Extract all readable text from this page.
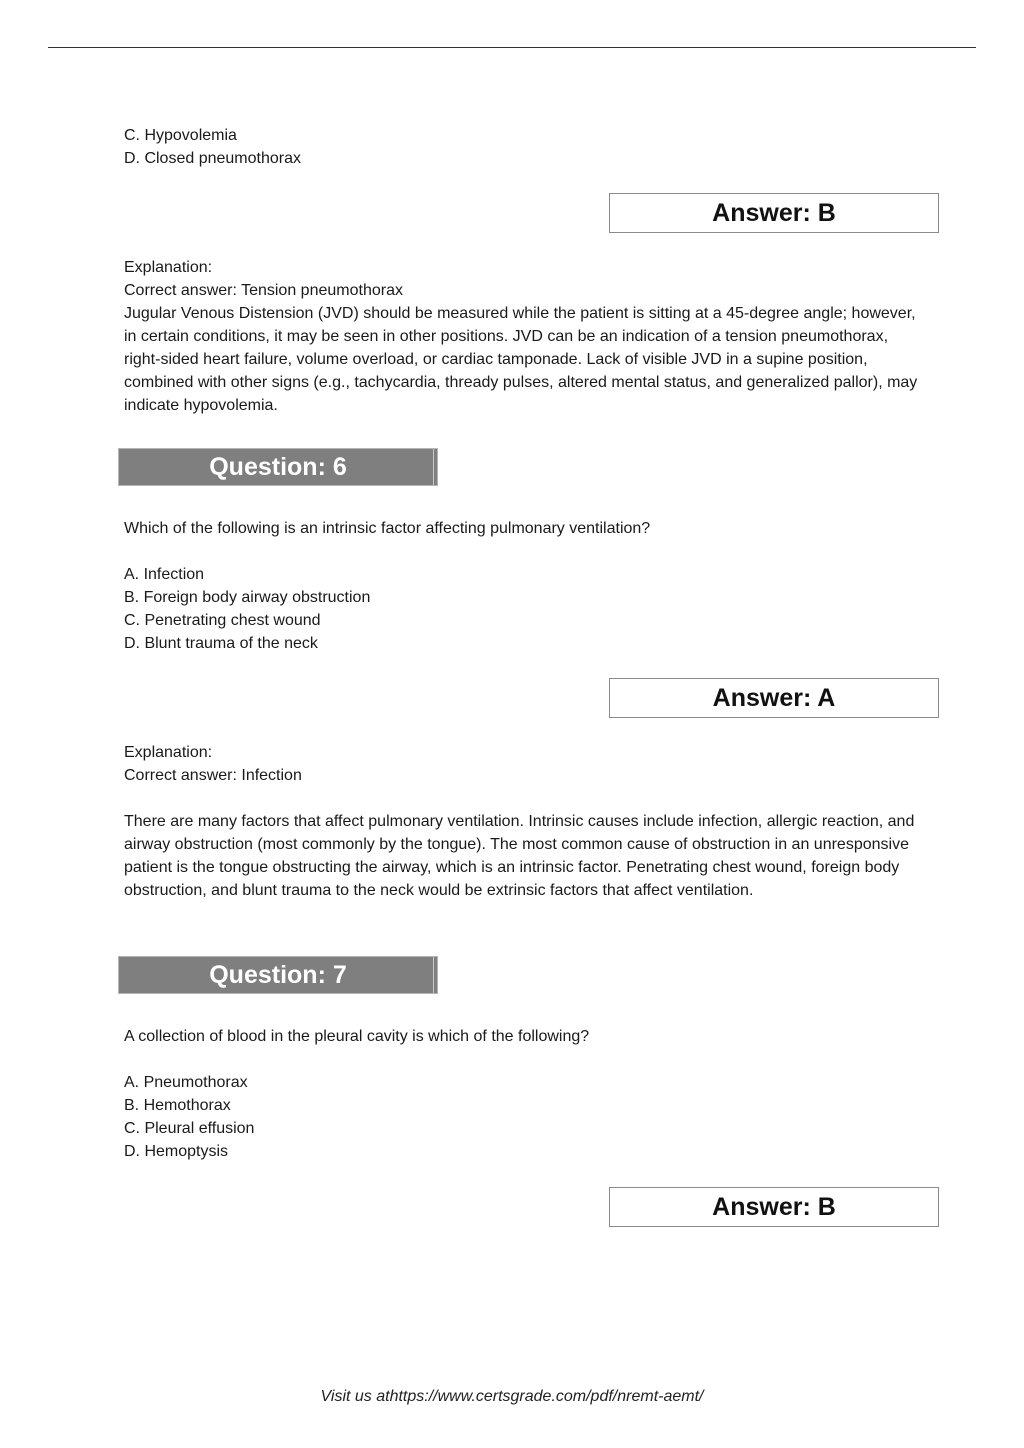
C. Hypovolemia
D. Closed pneumothorax
Answer: B
Explanation:
Correct answer: Tension pneumothorax
Jugular Venous Distension (JVD) should be measured while the patient is sitting at a 45-degree angle; however, in certain conditions, it may be seen in other positions. JVD can be an indication of a tension pneumothorax, right-sided heart failure, volume overload, or cardiac tamponade. Lack of visible JVD in a supine position, combined with other signs (e.g., tachycardia, thready pulses, altered mental status, and generalized pallor), may indicate hypovolemia.
Question: 6
Which of the following is an intrinsic factor affecting pulmonary ventilation?
A. Infection
B. Foreign body airway obstruction
C. Penetrating chest wound
D. Blunt trauma of the neck
Answer: A
Explanation:
Correct answer: Infection
There are many factors that affect pulmonary ventilation. Intrinsic causes include infection, allergic reaction, and airway obstruction (most commonly by the tongue). The most common cause of obstruction in an unresponsive patient is the tongue obstructing the airway, which is an intrinsic factor. Penetrating chest wound, foreign body obstruction, and blunt trauma to the neck would be extrinsic factors that affect ventilation.
Question: 7
A collection of blood in the pleural cavity is which of the following?
A. Pneumothorax
B. Hemothorax
C. Pleural effusion
D. Hemoptysis
Answer: B
Visit us athttps://www.certsgrade.com/pdf/nremt-aemt/
